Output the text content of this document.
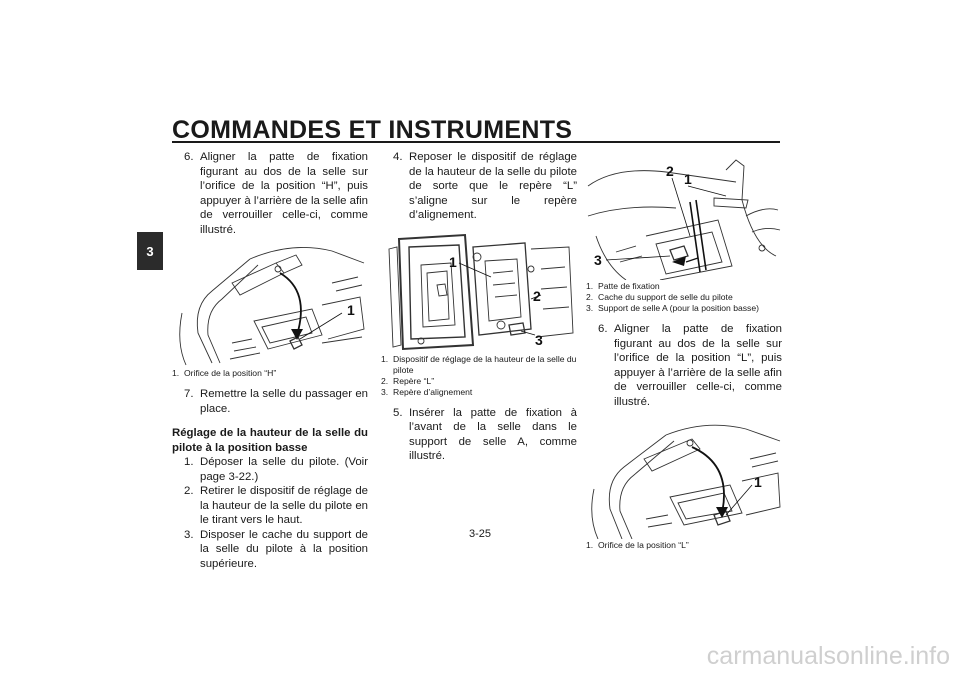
COMMANDES ET INSTRUMENTS
3
6. Aligner la patte de fixation figurant au dos de la selle sur l’orifice de la position “H”, puis appuyer à l’arrière de la selle afin de verrouiller celle-ci, comme illustré.
1
1. Orifice de la position “H”
7. Remettre la selle du passager en place.

Réglage de la hauteur de la selle du pilote à la position basse

1. Déposer la selle du pilote. (Voir page 3-22.)
2. Retirer le dispositif de réglage de la hauteur de la selle du pilote en le tirant vers le haut.
3. Disposer le cache du support de la selle du pilote à la position supérieure.
4. Reposer le dispositif de réglage de la hauteur de la selle du pilote de sorte que le repère “L” s’aligne sur le repère d’alignement.
1
2
3
1. Dispositif de réglage de la hauteur de la selle du pilote
2. Repère “L”
3. Repère d’alignement
5. Insérer la patte de fixation à l’avant de la selle dans le support de selle A, comme illustré.
1
2
3
1. Patte de fixation
2. Cache du support de selle du pilote
3. Support de selle A (pour la position basse)
6. Aligner la patte de fixation figurant au dos de la selle sur l’orifice de la position “L”, puis appuyer à l’arrière de la selle afin de verrouiller celle-ci, comme illustré.
1
1. Orifice de la position “L”
3-25
carmanualsonline.info
